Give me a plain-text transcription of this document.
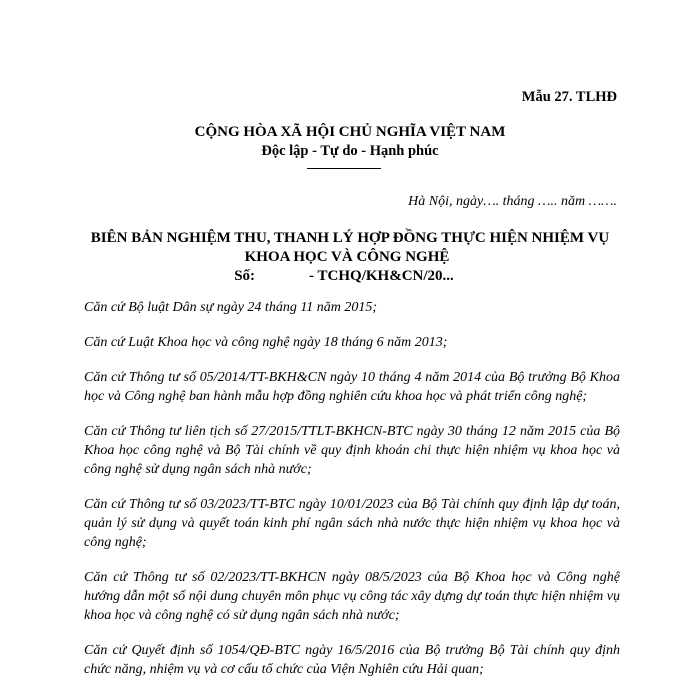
Mẫu 27. TLHĐ
CỘNG HÒA XÃ HỘI CHỦ NGHĨA VIỆT NAM
Độc lập - Tự do - Hạnh phúc
Hà Nội, ngày…. tháng ….. năm …….
BIÊN BẢN NGHIỆM THU, THANH LÝ HỢP ĐỒNG THỰC HIỆN NHIỆM VỤ
KHOA HỌC VÀ CÔNG NGHỆ
Số:	- TCHQ/KH&CN/20...

Căn cứ Bộ luật Dân sự ngày 24 tháng 11 năm 2015;

Căn cứ Luật Khoa học và công nghệ ngày 18 tháng 6 năm 2013;

Căn cứ Thông tư số 05/2014/TT-BKH&CN ngày 10 tháng 4 năm 2014 của Bộ trưởng Bộ Khoa học và Công nghệ ban hành mẫu hợp đồng nghiên cứu khoa học và phát triển công nghệ;

Căn cứ Thông tư liên tịch số 27/2015/TTLT-BKHCN-BTC ngày 30 tháng 12 năm 2015 của Bộ Khoa học công nghệ và Bộ Tài chính về quy định khoán chi thực hiện nhiệm vụ khoa học và công nghệ sử dụng ngân sách nhà nước;

Căn cứ Thông tư số 03/2023/TT-BTC ngày 10/01/2023 của Bộ Tài chính quy định lập dự toán, quản lý sử dụng và quyết toán kinh phí ngân sách nhà nước thực hiện nhiệm vụ khoa học và công nghệ;

Căn cứ Thông tư số 02/2023/TT-BKHCN ngày 08/5/2023 của Bộ Khoa học và Công nghệ hướng dẫn một số nội dung chuyên môn phục vụ công tác xây dựng dự toán thực hiện nhiệm vụ khoa học và công nghệ có sử dụng ngân sách nhà nước;

Căn cứ Quyết định số 1054/QĐ-BTC ngày 16/5/2016 của Bộ trưởng Bộ Tài chính quy định chức năng, nhiệm vụ và cơ cấu tổ chức của Viện Nghiên cứu Hải quan;
